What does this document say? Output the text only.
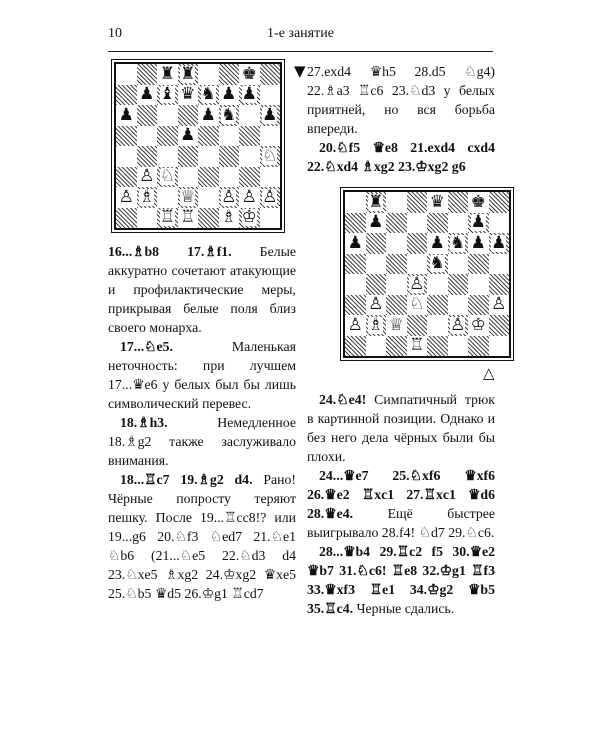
10	1-е занятие
♜ ♜	♚
♟ ♝ ♛ ♞ ♟ ♟
♟	♟ ♞ ♟
♟
♘
♙ ♘
♙ ♗ ♕ ♙ ♙ ♙
♖ ♖ ♗ ♔
▼

16...♗b8 17.♗f1. Белые аккуратно сочетают атакующие и профилактические меры, прикрывая белые поля близ своего монарха.

17...♘e5. Маленькая неточность: при лучшем 17...♛e6 у белых был бы лишь символический перевес.

18.♗h3. Немедленное 18.♗g2 также заслуживало внимания.

18...♖c7 19.♗g2 d4. Рано! Чёрные попросту теряют пешку. После 19...♖cc8!? или 19...g6 20.♘f3 ♘ed7 21.♘e1 ♘b6 (21...♘e5 22.♘d3 d4 23.♘xe5 ♗xg2 24.♔xg2 ♛xe5 25.♘b5 ♛d5 26.♔g1 ♖cd7

27.exd4 ♛h5 28.d5 ♘g4) 22.♗a3 ♖c6 23.♘d3 у белых приятней, но вся борьба впереди.

20.♘f5 ♛e8 21.exd4 cxd4 22.♘xd4 ♗xg2 23.♔xg2 g6

♜	♛ ♚
♟	♟
♟	♟ ♞ ♟ ♟
♞
♙
♙ ♘	♙
♙ ♗ ♕	♙ ♔
♖
△

24.♘e4! Симпатичный трюк в картинной позиции. Однако и без него дела чёрных были бы плохи.

24...♛e7 25.♘xf6 ♛xf6 26.♛e2 ♖xc1 27.♖xc1 ♛d6 28.♛e4. Ещё быстрее выигрывало 28.f4! ♘d7 29.♘c6.

28...♛b4 29.♖c2 f5 30.♛e2 ♛b7 31.♘c6! ♖e8 32.♔g1 ♖f3 33.♛xf3 ♖e1 34.♔g2 ♛b5 35.♖c4. Черные сдались.
